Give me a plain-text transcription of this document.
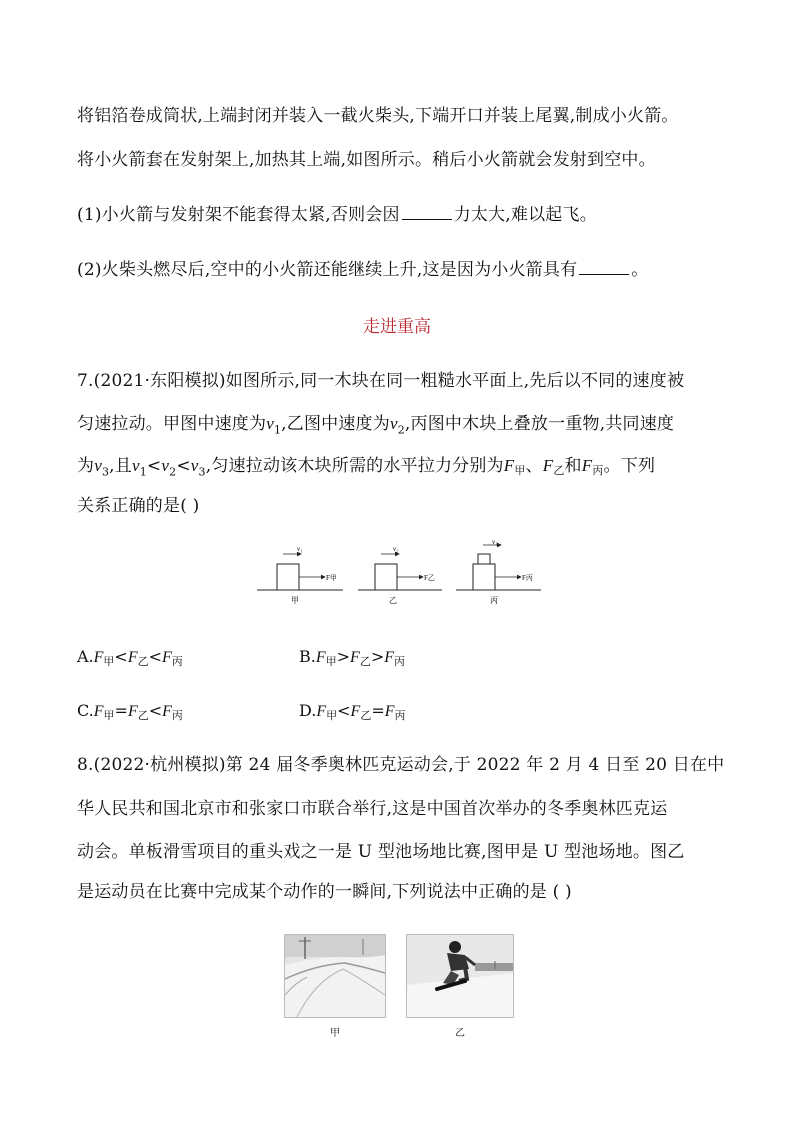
将铝箔卷成筒状,上端封闭并装入一截火柴头,下端开口并装上尾翼,制成小火箭。
将小火箭套在发射架上,加热其上端,如图所示。稍后小火箭就会发射到空中。
(1)小火箭与发射架不能套得太紧,否则会因	力太大,难以起飞。
(2)火柴头燃尽后,空中的小火箭还能继续上升,这是因为小火箭具有	。
走进重高
7.(2021·东阳模拟)如图所示,同一木块在同一粗糙水平面上,先后以不同的速度被
匀速拉动。甲图中速度为$v_1$,乙图中速度为$v_2$,丙图中木块上叠放一重物,共同速度
为$v_3$,且$v_1<v_2<v_3$,匀速拉动该木块所需的水平拉力分别为F甲、F乙和F丙。下列
关系正确的是( )
v₁	v₂
v₃
F甲	F乙	F丙
甲	乙	丙
A.F甲<F乙<F丙	B.F甲>F乙>F丙
C.F甲=F乙<F丙	D.F甲<F乙=F丙
8.(2022·杭州模拟)第 24 届冬季奥林匹克运动会,于 2022 年 2 月 4 日至 20 日在中
华人民共和国北京市和张家口市联合举行,这是中国首次举办的冬季奥林匹克运
动会。单板滑雪项目的重头戏之一是 U 型池场地比赛,图甲是 U 型池场地。图乙
是运动员在比赛中完成某个动作的一瞬间,下列说法中正确的是 ( )
甲	乙
